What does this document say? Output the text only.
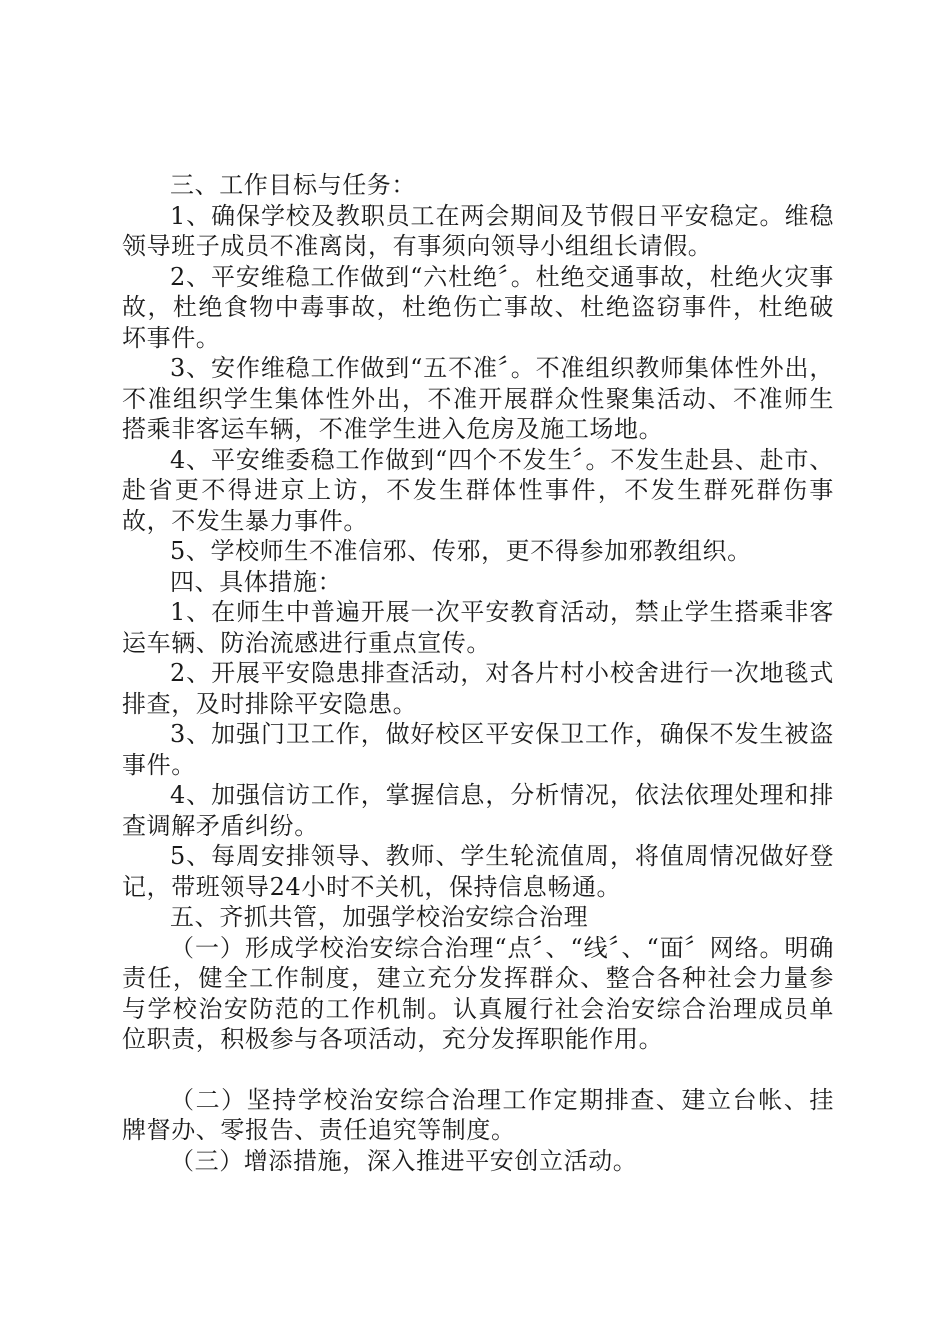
三、工作目标与任务：

1、确保学校及教职员工在两会期间及节假日平安稳定。维稳领导班子成员不准离岗，有事须向领导小组组长请假。

2、平安维稳工作做到“六杜绝〞。杜绝交通事故，杜绝火灾事故，杜绝食物中毒事故，杜绝伤亡事故、杜绝盗窃事件，杜绝破坏事件。

3、安作维稳工作做到“五不准〞。不准组织教师集体性外出，不准组织学生集体性外出，不准开展群众性聚集活动、不准师生搭乘非客运车辆，不准学生进入危房及施工场地。

4、平安维委稳工作做到“四个不发生〞。不发生赴县、赴市、赴省更不得进京上访，不发生群体性事件，不发生群死群伤事故，不发生暴力事件。

5、学校师生不准信邪、传邪，更不得参加邪教组织。

四、具体措施：

1、在师生中普遍开展一次平安教育活动，禁止学生搭乘非客运车辆、防治流感进行重点宣传。

2、开展平安隐患排查活动，对各片村小校舍进行一次地毯式排查，及时排除平安隐患。

3、加强门卫工作，做好校区平安保卫工作，确保不发生被盗事件。

4、加强信访工作，掌握信息，分析情况，依法依理处理和排查调解矛盾纠纷。

5、每周安排领导、教师、学生轮流值周，将值周情况做好登记，带班领导24小时不关机，保持信息畅通。

五、齐抓共管，加强学校治安综合治理

（一）形成学校治安综合治理“点〞、“线〞、“面〞网络。明确责任，健全工作制度，建立充分发挥群众、整合各种社会力量参与学校治安防范的工作机制。认真履行社会治安综合治理成员单位职责，积极参与各项活动，充分发挥职能作用。

（二）坚持学校治安综合治理工作定期排查、建立台帐、挂牌督办、零报告、责任追究等制度。

（三）增添措施，深入推进平安创立活动。
